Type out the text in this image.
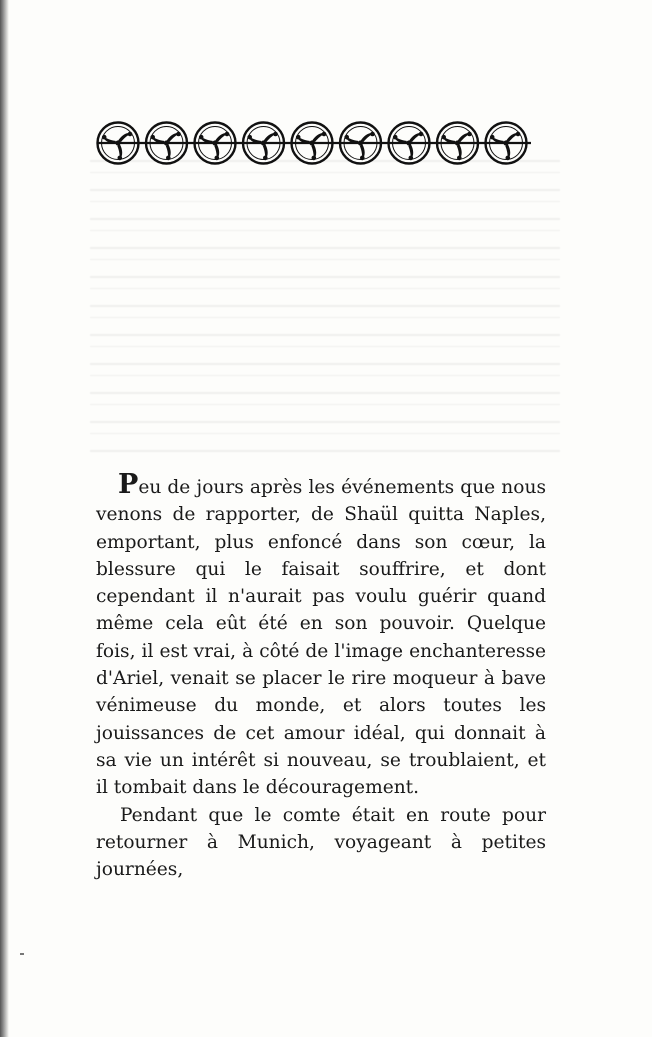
Peu de jours après les événements que nous venons de rapporter, de Shaül quitta Naples, emportant, plus enfoncé dans son cœur, la blessure qui le faisait souffrire, et dont cependant il n'aurait pas voulu guérir quand même cela eût été en son pouvoir. Quelque fois, il est vrai, à côté de l'image enchanteresse d'Ariel, venait se placer le rire moqueur à bave vénimeuse du monde, et alors toutes les jouissances de cet amour idéal, qui donnait à sa vie un intérêt si nouveau, se troublaient, et il tombait dans le découragement.

Pendant que le comte était en route pour retourner à Munich, voyageant à petites journées,
